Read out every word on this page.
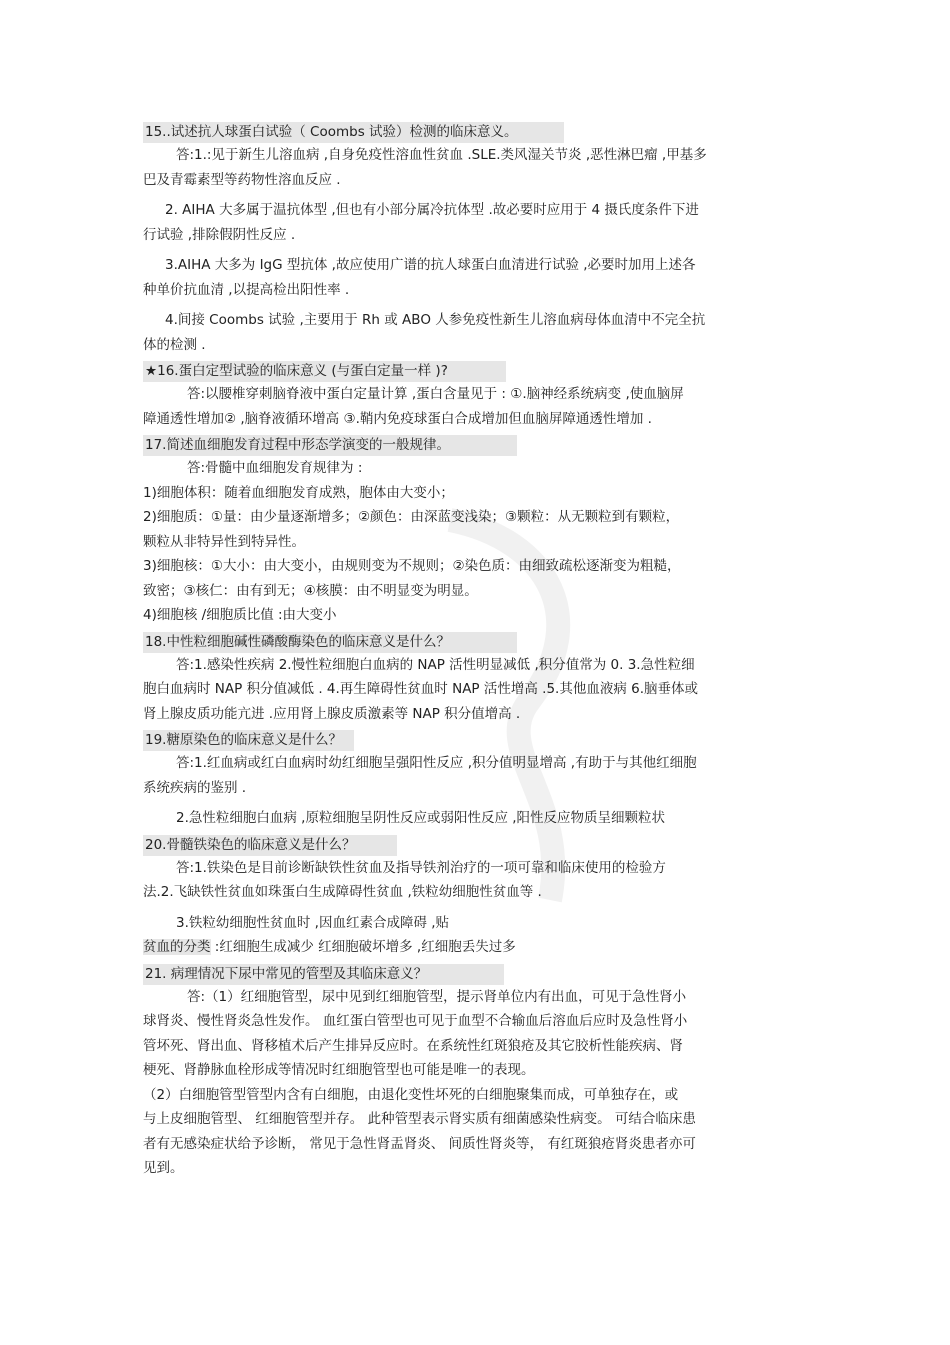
15..试述抗人球蛋白试验（ Coombs 试验）检测的临床意义。

答:1.:见于新生儿溶血病 ,自身免疫性溶血性贫血 .SLE.类风湿关节炎 ,恶性淋巴瘤 ,甲基多

巴及青霉素型等药物性溶血反应 .

2. AIHA 大多属于温抗体型 ,但也有小部分属冷抗体型 .故必要时应用于 4 摄氏度条件下进

行试验 ,排除假阴性反应 .

3.AIHA 大多为 IgG 型抗体 ,故应使用广谱的抗人球蛋白血清进行试验 ,必要时加用上述各

种单价抗血清 ,以提高检出阳性率 .

4.间接 Coombs 试验 ,主要用于 Rh 或 ABO 人参免疫性新生儿溶血病母体血清中不完全抗

体的检测 .

★16.蛋白定型试验的临床意义 (与蛋白定量一样 )?

答:以腰椎穿刺脑脊液中蛋白定量计算 ,蛋白含量见于 : ①.脑神经系统病变 ,使血脑屏

障通透性增加② ,脑脊液循环增高 ③.鞘内免疫球蛋白合成增加但血脑屏障通透性增加 .

17.简述血细胞发育过程中形态学演变的一般规律。

答:骨髓中血细胞发育规律为 :

1)细胞体积：随着血细胞发育成熟，胞体由大变小；

2)细胞质：①量：由少量逐渐增多；②颜色：由深蓝变浅染；③颗粒：从无颗粒到有颗粒，

颗粒从非特异性到特异性。

3)细胞核：①大小：由大变小，由规则变为不规则；②染色质：由细致疏松逐渐变为粗糙，

致密；③核仁：由有到无；④核膜：由不明显变为明显。

4)细胞核 /细胞质比值 :由大变小

18.中性粒细胞碱性磷酸酶染色的临床意义是什么？

答:1.感染性疾病 2.慢性粒细胞白血病的 NAP 活性明显减低 ,积分值常为 0. 3.急性粒细

胞白血病时 NAP 积分值减低 . 4.再生障碍性贫血时 NAP 活性增高 .5.其他血液病 6.脑垂体或

肾上腺皮质功能亢进 .应用肾上腺皮质激素等 NAP 积分值增高 .

19.糖原染色的临床意义是什么？

答:1.红血病或红白血病时幼红细胞呈强阳性反应 ,积分值明显增高 ,有助于与其他红细胞

系统疾病的鉴别 .

2.急性粒细胞白血病 ,原粒细胞呈阴性反应或弱阳性反应 ,阳性反应物质呈细颗粒状

20.骨髓铁染色的临床意义是什么？

答:1.铁染色是目前诊断缺铁性贫血及指导铁剂治疗的一项可靠和临床使用的检验方

法.2.飞缺铁性贫血如珠蛋白生成障碍性贫血 ,铁粒幼细胞性贫血等 .

3.铁粒幼细胞性贫血时 ,因血红素合成障碍 ,贴

贫血的分类 :红细胞生成减少 红细胞破坏增多 ,红细胞丢失过多

21. 病理情况下尿中常见的管型及其临床意义？

答:（1）红细胞管型，尿中见到红细胞管型，提示肾单位内有出血，可见于急性肾小

球肾炎、慢性肾炎急性发作。 血红蛋白管型也可见于血型不合输血后溶血后应时及急性肾小

管坏死、肾出血、肾移植术后产生排异反应时。在系统性红斑狼疮及其它胶析性能疾病、肾

梗死、肾静脉血栓形成等情况时红细胞管型也可能是唯一的表现。

（2）白细胞管型管型内含有白细胞，由退化变性坏死的白细胞聚集而成，可单独存在，或

与上皮细胞管型、 红细胞管型并存。 此种管型表示肾实质有细菌感染性病变。 可结合临床患

者有无感染症状给予诊断， 常见于急性肾盂肾炎、 间质性肾炎等， 有红斑狼疮肾炎患者亦可

见到。
